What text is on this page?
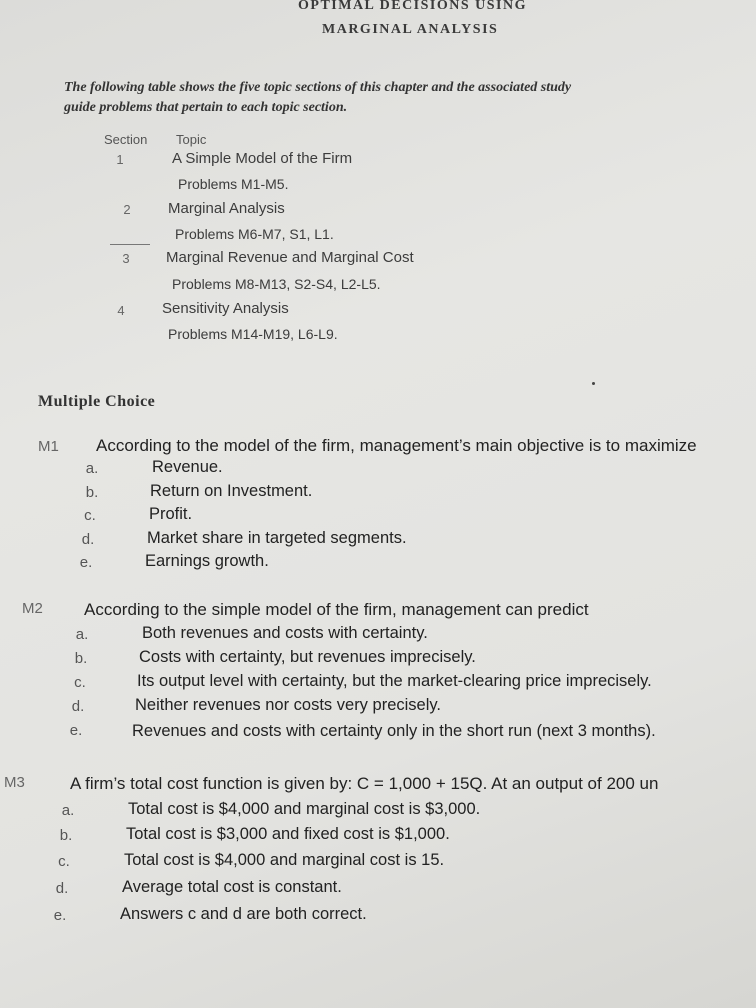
OPTIMAL DECISIONS USING
MARGINAL ANALYSIS
The following table shows the five topic sections of this chapter and the associated study
guide problems that pertain to each topic section.
Section Topic
1	A Simple Model of the Firm
Problems M1-M5.
2	Marginal Analysis
Problems M6-M7, S1, L1.
3	Marginal Revenue and Marginal Cost
Problems M8-M13, S2-S4, L2-L5.
4	Sensitivity Analysis
Problems M14-M19, L6-L9.
Multiple Choice
M1 According to the model of the firm, management’s main objective is to maximize
a.	Revenue.
b.	Return on Investment.
c.	Profit.
d.	Market share in targeted segments.
e.	Earnings growth.
M2 According to the simple model of the firm, management can predict
a.	Both revenues and costs with certainty.
b.	Costs with certainty, but revenues imprecisely.
c.	Its output level with certainty, but the market-clearing price imprecisely.
d.	Neither revenues nor costs very precisely.
e.	Revenues and costs with certainty only in the short run (next 3 months).
M3	A firm’s total cost function is given by: C = 1,000 + 15Q. At an output of 200 un
a.	Total cost is $4,000 and marginal cost is $3,000.
b.	Total cost is $3,000 and fixed cost is $1,000.
c.	Total cost is $4,000 and marginal cost is 15.
d.	Average total cost is constant.
e.	Answers c and d are both correct.
